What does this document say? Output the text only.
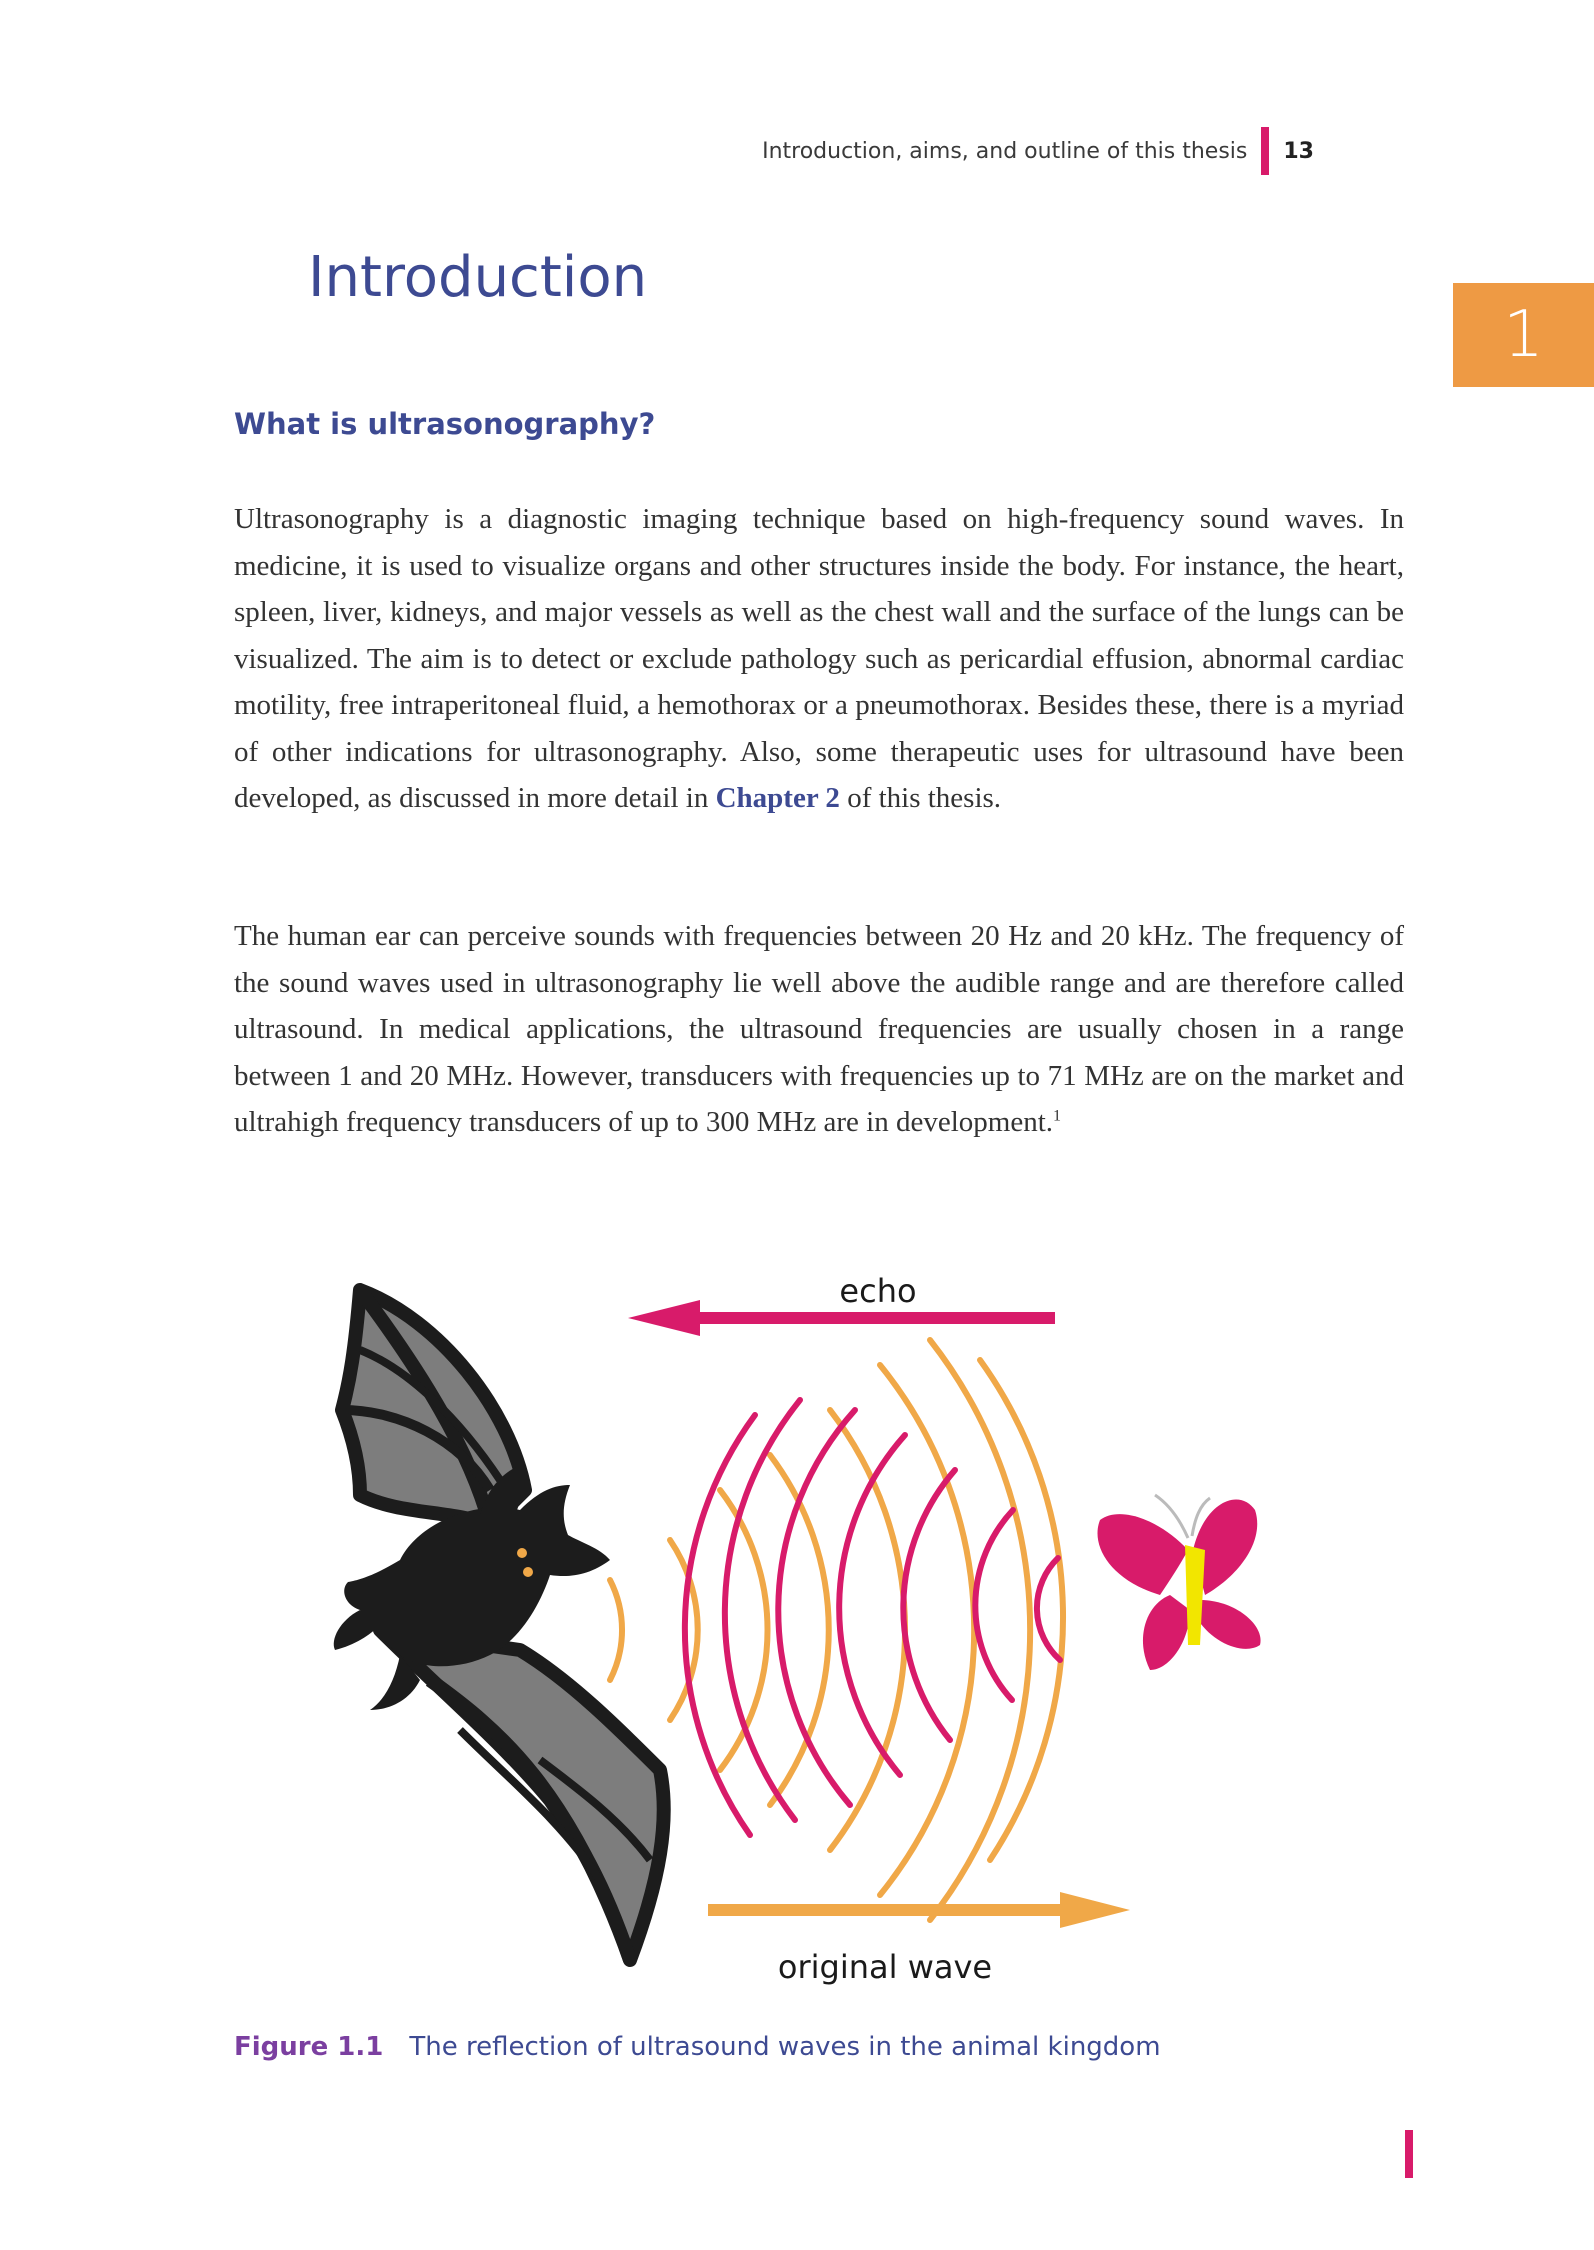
Introduction, aims, and outline of this thesis 13
1
Introduction
What is ultrasonography?

Ultrasonography is a diagnostic imaging technique based on high-frequency sound waves. In medicine, it is used to visualize organs and other structures inside the body. For instance, the heart, spleen, liver, kidneys, and major vessels as well as the chest wall and the surface of the lungs can be visualized. The aim is to detect or exclude pathology such as pericardial effusion, abnormal cardiac motility, free intraperitoneal fluid, a hemothorax or a pneumothorax. Besides these, there is a myriad of other indications for ultrasonography. Also, some therapeutic uses for ultrasound have been developed, as discussed in more detail in Chapter 2 of this thesis.

The human ear can perceive sounds with frequencies between 20 Hz and 20 kHz. The frequency of the sound waves used in ultrasonography lie well above the audible range and are therefore called ultrasound. In medical applications, the ultrasound frequencies are usually chosen in a range between 1 and 20 MHz. However, transducers with frequencies up to 71 MHz are on the market and ultrahigh frequency transducers of up to 300 MHz are in development.$^1$

echo
original wave
Figure 1.1 The reflection of ultrasound waves in the animal kingdom
